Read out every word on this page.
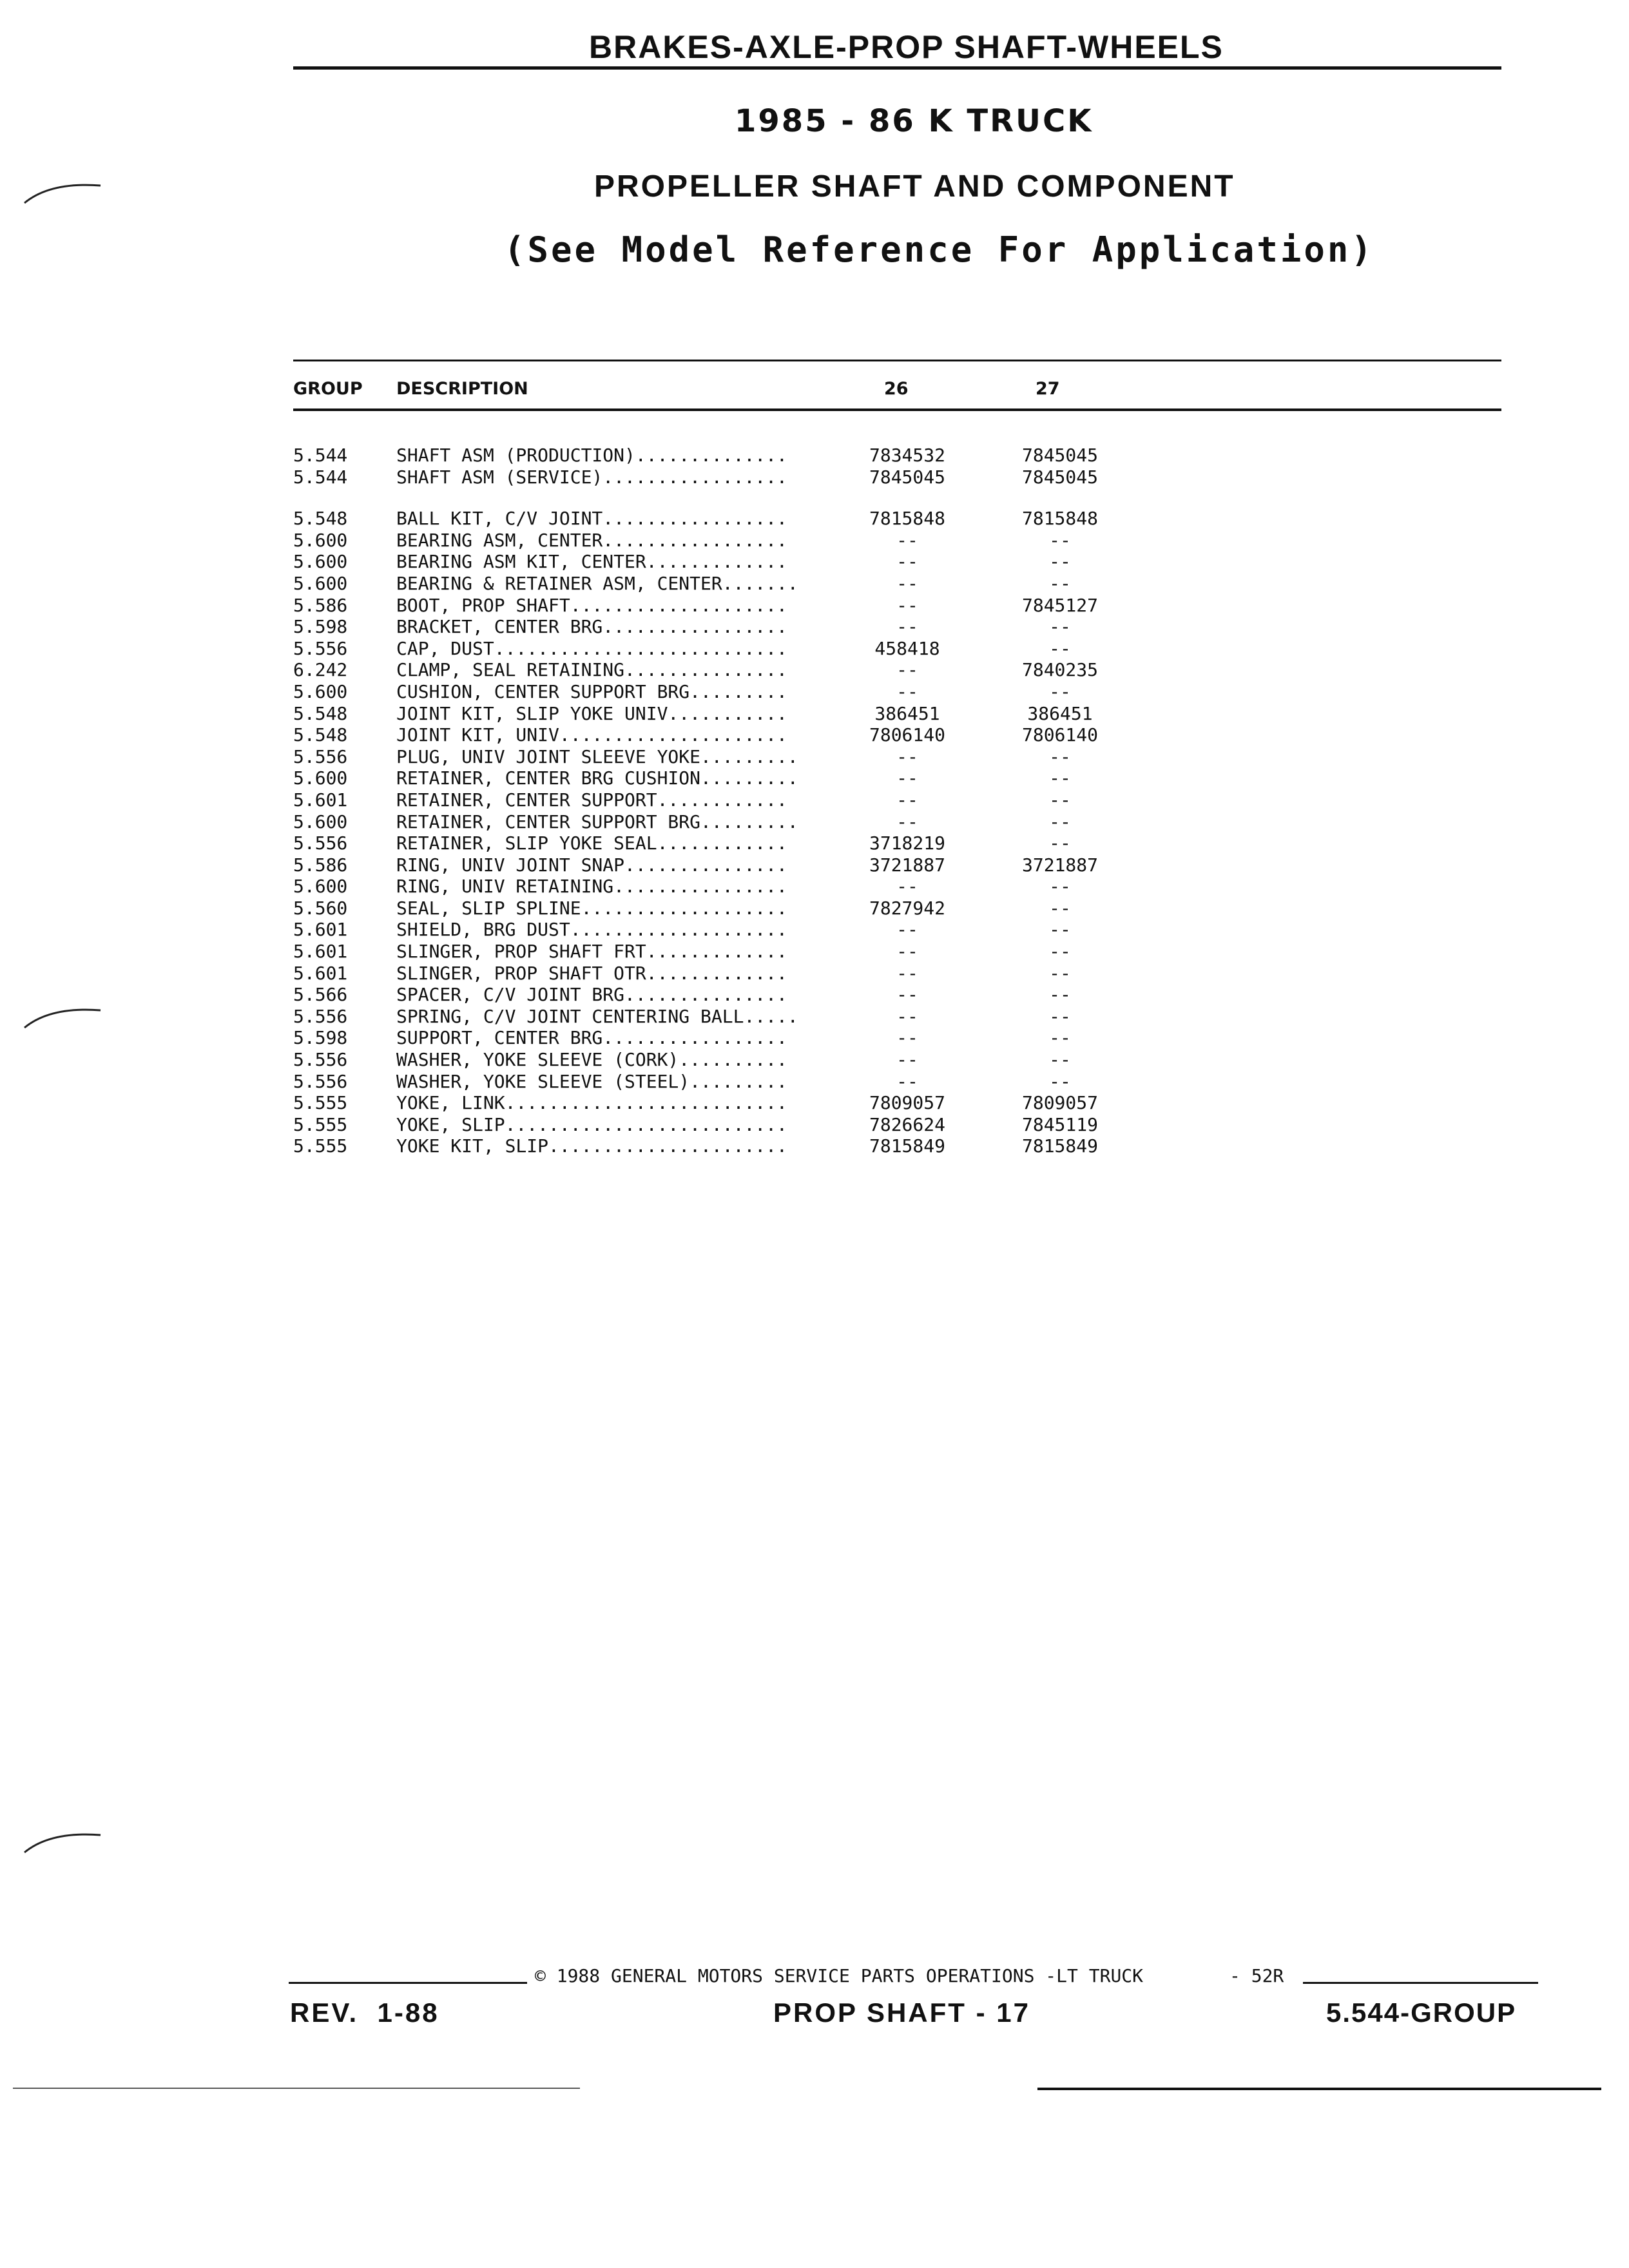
BRAKES-AXLE-PROP SHAFT-WHEELS
1985 - 86 K TRUCK
PROPELLER SHAFT AND COMPONENT
(See Model Reference For Application)
GROUP DESCRIPTION	26	27
5.544	SHAFT ASM (PRODUCTION)..............	7834532	7845045
5.544	SHAFT ASM (SERVICE).................	7845045	7845045
5.548	BALL KIT, C/V JOINT.................	7815848	7815848
5.600	BEARING ASM, CENTER.................	--	--
5.600	BEARING ASM KIT, CENTER.............	--	--
5.600	BEARING & RETAINER ASM, CENTER.......	--	--
5.586	BOOT, PROP SHAFT....................	--	7845127
5.598	BRACKET, CENTER BRG.................	--	--
5.556	CAP, DUST...........................	458418	--
6.242	CLAMP, SEAL RETAINING...............	--	7840235
5.600	CUSHION, CENTER SUPPORT BRG.........	--	--
5.548	JOINT KIT, SLIP YOKE UNIV...........	386451	386451
5.548	JOINT KIT, UNIV.....................	7806140	7806140
5.556	PLUG, UNIV JOINT SLEEVE YOKE.........	--	--
5.600	RETAINER, CENTER BRG CUSHION.........	--	--
5.601	RETAINER, CENTER SUPPORT............	--	--
5.600	RETAINER, CENTER SUPPORT BRG.........	--	--
5.556	RETAINER, SLIP YOKE SEAL............	3718219	--
5.586	RING, UNIV JOINT SNAP...............	3721887	3721887
5.600	RING, UNIV RETAINING................	--	--
5.560	SEAL, SLIP SPLINE...................	7827942	--
5.601	SHIELD, BRG DUST....................	--	--
5.601	SLINGER, PROP SHAFT FRT.............	--	--
5.601	SLINGER, PROP SHAFT OTR.............	--	--
5.566	SPACER, C/V JOINT BRG...............	--	--
5.556	SPRING, C/V JOINT CENTERING BALL.....	--	--
5.598	SUPPORT, CENTER BRG.................	--	--
5.556	WASHER, YOKE SLEEVE (CORK)..........	--	--
5.556	WASHER, YOKE SLEEVE (STEEL).........	--	--
5.555	YOKE, LINK..........................	7809057	7809057
5.555	YOKE, SLIP..........................	7826624	7845119
5.555	YOKE KIT, SLIP......................	7815849	7815849
© 1988 GENERAL MOTORS SERVICE PARTS OPERATIONS -LT TRUCK	- 52R
REV.  1-88	PROP SHAFT - 17	5.544-GROUP
